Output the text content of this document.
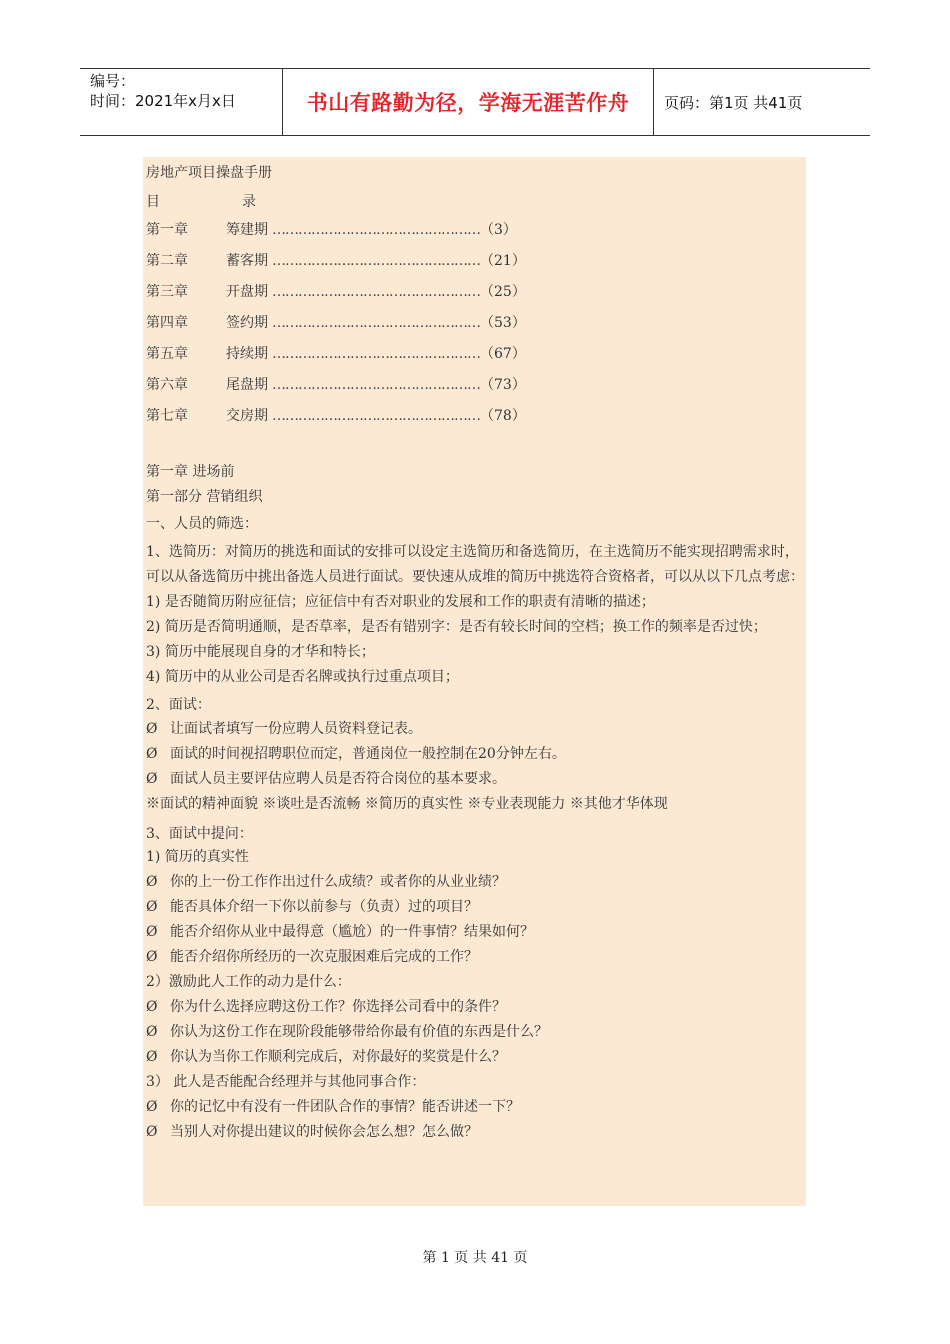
编号：
时间：2021年x月x日	书山有路勤为径，学海无涯苦作舟 页码：第1页 共41页
房地产项目操盘手册
目	录
第一章	筹建期 ………………………………………… （3）
第二章	蓄客期 ………………………………………… （21）
第三章	开盘期 ………………………………………… （25）
第四章	签约期 ………………………………………… （53）
第五章	持续期 ………………………………………… （67）
第六章	尾盘期 ………………………………………… （73）
第七章	交房期 ………………………………………… （78）
第一章 进场前
第一部分 营销组织
一、人员的筛选：
1、选简历：对简历的挑选和面试的安排可以设定主选简历和备选简历，在主选简历不能实现招聘需求时，可以从备选简历中挑出备选人员进行面试。要快速从成堆的简历中挑选符合资格者，可以从以下几点考虑：
1) 是否随简历附应征信；应征信中有否对职业的发展和工作的职责有清晰的描述；
2) 简历是否简明通顺，是否草率，是否有错别字：是否有较长时间的空档；换工作的频率是否过快；
3) 简历中能展现自身的才华和特长；
4) 简历中的从业公司是否名牌或执行过重点项目；
2、面试：
Ø 让面试者填写一份应聘人员资料登记表。
Ø 面试的时间视招聘职位而定，普通岗位一般控制在20分钟左右。
Ø 面试人员主要评估应聘人员是否符合岗位的基本要求。
※面试的精神面貌 ※谈吐是否流畅 ※简历的真实性 ※专业表现能力 ※其他才华体现
3、面试中提问：
1) 简历的真实性
Ø 你的上一份工作作出过什么成绩？或者你的从业业绩？
Ø 能否具体介绍一下你以前参与（负责）过的项目？
Ø 能否介绍你从业中最得意（尴尬）的一件事情？结果如何？
Ø 能否介绍你所经历的一次克服困难后完成的工作？
2）激励此人工作的动力是什么：
Ø 你为什么选择应聘这份工作？你选择公司看中的条件？
Ø 你认为这份工作在现阶段能够带给你最有价值的东西是什么？
Ø 你认为当你工作顺利完成后，对你最好的奖赏是什么？
3） 此人是否能配合经理并与其他同事合作：
Ø 你的记忆中有没有一件团队合作的事情？能否讲述一下？
Ø 当别人对你提出建议的时候你会怎么想？怎么做？
第 1 页 共 41 页
